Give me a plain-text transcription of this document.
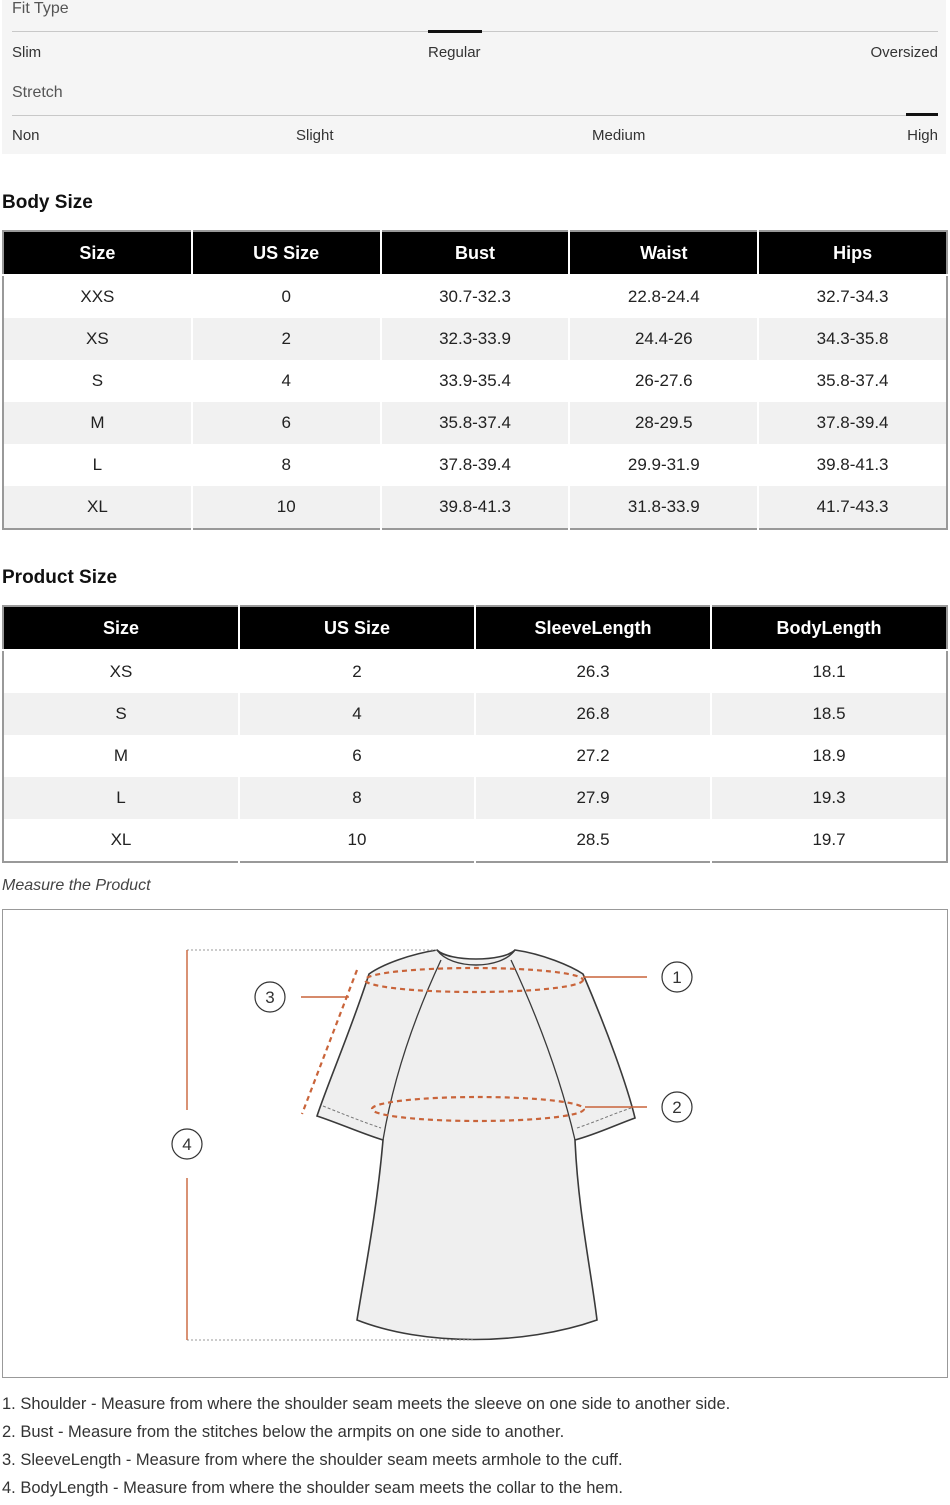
Fit Type
Slim	Regular	Oversized
Stretch
Non	Slight	Medium	High
Body Size
Size	US Size	Bust	Waist	Hips
XXS	0	30.7-32.3	22.8-24.4	32.7-34.3
XS	2	32.3-33.9	24.4-26	34.3-35.8
S	4	33.9-35.4	26-27.6	35.8-37.4
M	6	35.8-37.4	28-29.5	37.8-39.4
L	8	37.8-39.4	29.9-31.9	39.8-41.3
XL	10	39.8-41.3	31.8-33.9	41.7-43.3
Product Size
Size	US Size	SleeveLength	BodyLength
XS	2	26.3	18.1
S	4	26.8	18.5
M	6	27.2	18.9
L	8	27.9	19.3
XL	10	28.5	19.7
Measure the Product
1
2
3
4
1. Shoulder - Measure from where the shoulder seam meets the sleeve on one side to another side.
2. Bust - Measure from the stitches below the armpits on one side to another.
3. SleeveLength - Measure from where the shoulder seam meets armhole to the cuff.
4. BodyLength - Measure from where the shoulder seam meets the collar to the hem.
